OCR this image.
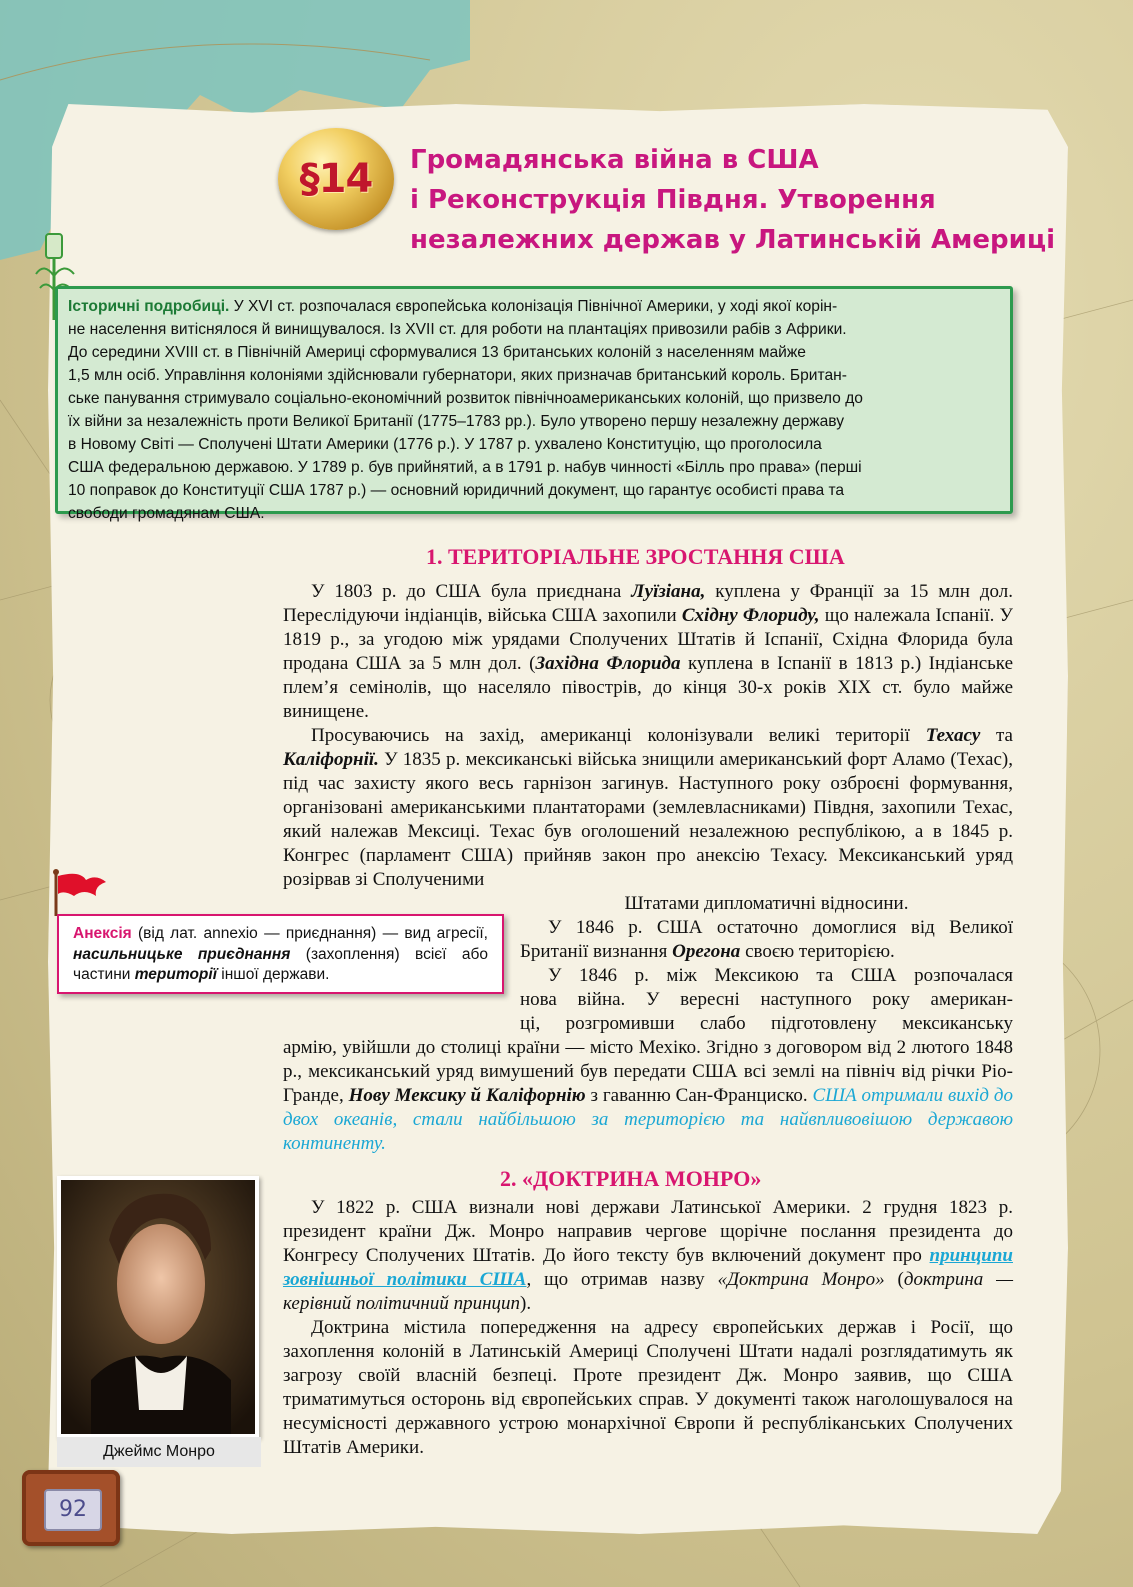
§14 Громадянська війна в США
і Реконструкція Півдня. Утворення
незалежних держав у Латинській Америці
Історичні подробиці. У XVI ст. розпочалася європейська колонізація Північної Америки, у ході якої корін-
не населення витіснялося й винищувалося. Із XVII ст. для роботи на плантаціях привозили рабів з Африки.
До середини XVIII ст. в Північній Америці сформувалися 13 британських колоній з населенням майже
1,5 млн осіб. Управління колоніями здійснювали губернатори, яких призначав британський король. Британ-
ське панування стримувало соціально-економічний розвиток північноамериканських колоній, що призвело до
їх війни за незалежність проти Великої Британії (1775–1783 рр.). Було утворено першу незалежну державу
в Новому Світі — Сполучені Штати Америки (1776 р.). У 1787 р. ухвалено Конституцію, що проголосила
США федеральною державою. У 1789 р. був прийнятий, а в 1791 р. набув чинності «Білль про права» (перші
10 поправок до Конституції США 1787 р.) — основний юридичний документ, що гарантує особисті права та
свободи громадянам США.
1. ТЕРИТОРІАЛЬНЕ ЗРОСТАННЯ США

У 1803 р. до США була приєднана Луїзіана, куплена у Франції за 15 млн дол. Переслідуючи індіанців, війська США захопили Східну Флориду, що належала Іспанії. У 1819 р., за угодою між урядами Сполучених Штатів й Іспанії, Східна Флорида була продана США за 5 млн дол. (Західна Флорида куплена в Іспанії в 1813 р.) Індіанське плем’я семінолів, що населяло півострів, до кінця 30-х років XIX ст. було майже винищене.

Просуваючись на захід, американці колонізували великі території Техасу та Каліфорнії. У 1835 р. мексиканські війська знищили американський форт Аламо (Техас), під час захисту якого весь гарнізон загинув. Наступного року озброєні формування, організовані американськими плантаторами (землевласниками) Півдня, захопили Техас, який належав Мексиці. Техас був оголошений незалежною республікою, а в 1845 р. Конгрес (парламент США) прийняв закон про анексію Техасу. Мексиканський уряд розірвав зі Сполученими

Штатами дипломатичні відносини.
У 1846 р. США остаточно домоглися від Великої
Британії визнання Орегона своєю територією.
У 1846 р. між Мексикою та США розпочалася
нова війна. У вересні наступного року американ-
ці, розгромивши слабо підготовлену мексиканську
армію, увійшли до столиці країни — місто Мехіко. Згідно з договором від 2 лютого 1848 р., мексиканський уряд вимушений був передати США всі землі на північ від річки Ріо-Гранде, Нову Мексику й Каліфорнію з гаванню Сан-Франциско. США отримали вихід до двох океанів, стали найбільшою за територією та найвпливовішою державою континенту.
Анексія (від лат. annexio — приєднання) — вид агресії, насильницьке приєднання (захоплення) всієї або частини території іншої держави.
2. «ДОКТРИНА МОНРО»

У 1822 р. США визнали нові держави Латинської Америки. 2 грудня 1823 р. президент країни Дж. Монро направив чергове щорічне послання президента до Конгресу Сполучених Штатів. До його тексту був включений документ про принципи зовнішньої політики США, що отримав назву «Доктрина Монро» (доктрина — керівний політичний принцип).

Доктрина містила попередження на адресу європейських держав і Росії, що захоплення колоній в Латинській Америці Сполучені Штати надалі розглядатимуть як загрозу своїй власній безпеці. Проте президент Дж. Монро заявив, що США триматимуться осторонь від європейських справ. У документі також наголошувалося на несумісності державного устрою монархічної Європи й республіканських Сполучених Штатів Америки.

Джеймс Монро
92
